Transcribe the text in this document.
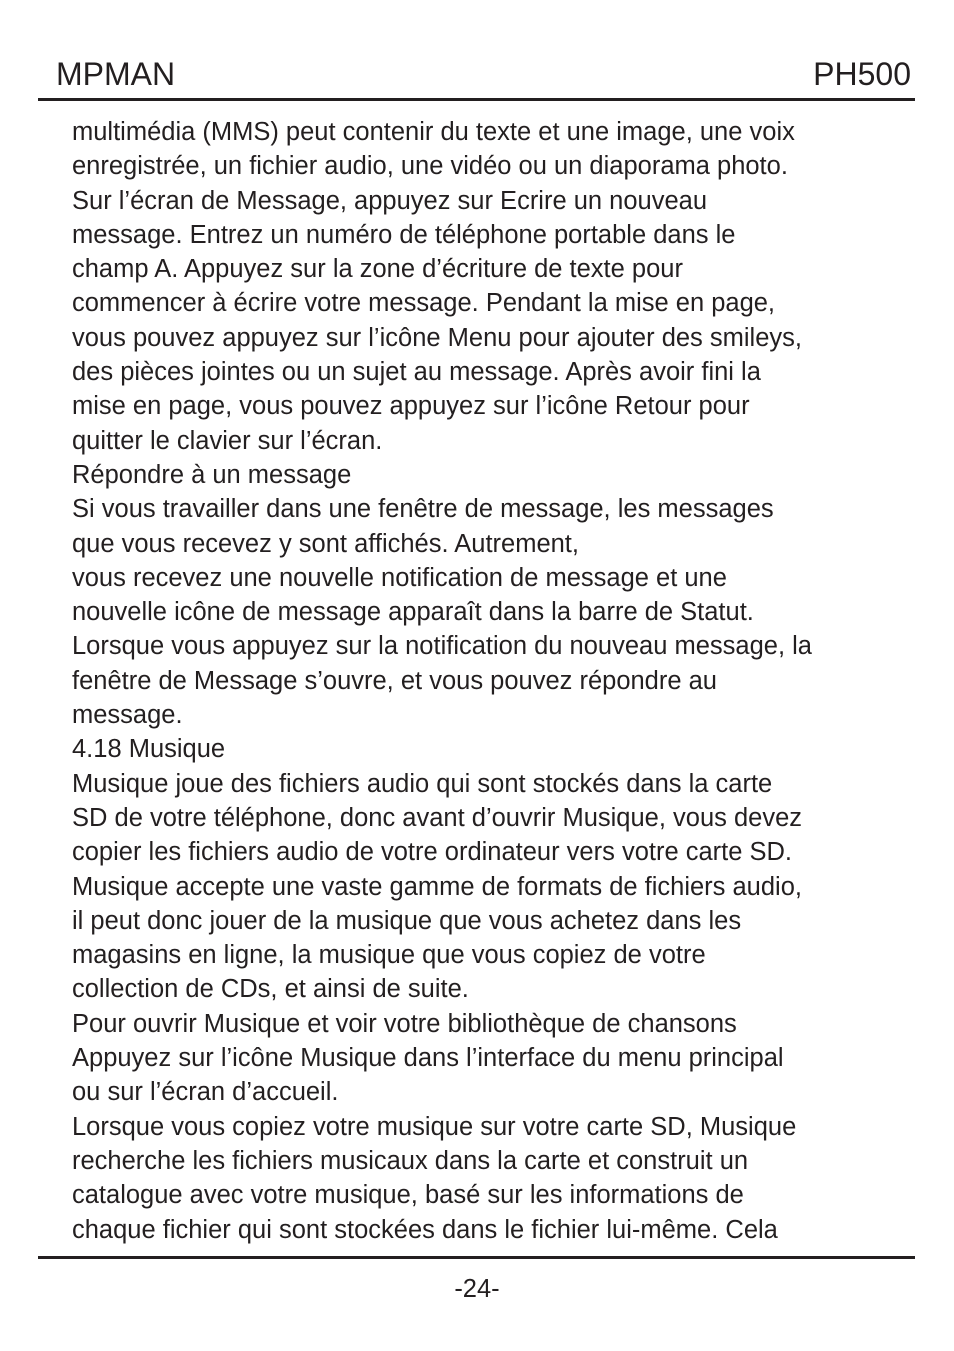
MPMAN	PH500
multimédia (MMS) peut contenir du texte et une image, une voix
enregistrée, un fichier audio, une vidéo ou un diaporama photo.
Sur l’écran de Message, appuyez sur Ecrire un nouveau
message. Entrez un numéro de téléphone portable dans le
champ A. Appuyez sur la zone d’écriture de texte pour
commencer à écrire votre message. Pendant la mise en page,
vous pouvez appuyez sur l’icône Menu pour ajouter des smileys,
des pièces jointes ou un sujet au message. Après avoir fini la
mise en page, vous pouvez appuyez sur l’icône Retour pour
quitter le clavier sur l’écran.
Répondre à un message
Si vous travailler dans une fenêtre de message, les messages
que vous recevez y sont affichés. Autrement,
vous recevez une nouvelle notification de message et une
nouvelle icône de message apparaît dans la barre de Statut.
Lorsque vous appuyez sur la notification du nouveau message, la
fenêtre de Message s’ouvre, et vous pouvez répondre au
message.
4.18 Musique
Musique joue des fichiers audio qui sont stockés dans la carte
SD de votre téléphone, donc avant d’ouvrir Musique, vous devez
copier les fichiers audio de votre ordinateur vers votre carte SD.
Musique accepte une vaste gamme de formats de fichiers audio,
il peut donc jouer de la musique que vous achetez dans les
magasins en ligne, la musique que vous copiez de votre
collection de CDs, et ainsi de suite.
Pour ouvrir Musique et voir votre bibliothèque de chansons
Appuyez sur l’icône Musique dans l’interface du menu principal
ou sur l’écran d’accueil.
Lorsque vous copiez votre musique sur votre carte SD, Musique
recherche les fichiers musicaux dans la carte et construit un
catalogue avec votre musique, basé sur les informations de
chaque fichier qui sont stockées dans le fichier lui-même. Cela
-24-
